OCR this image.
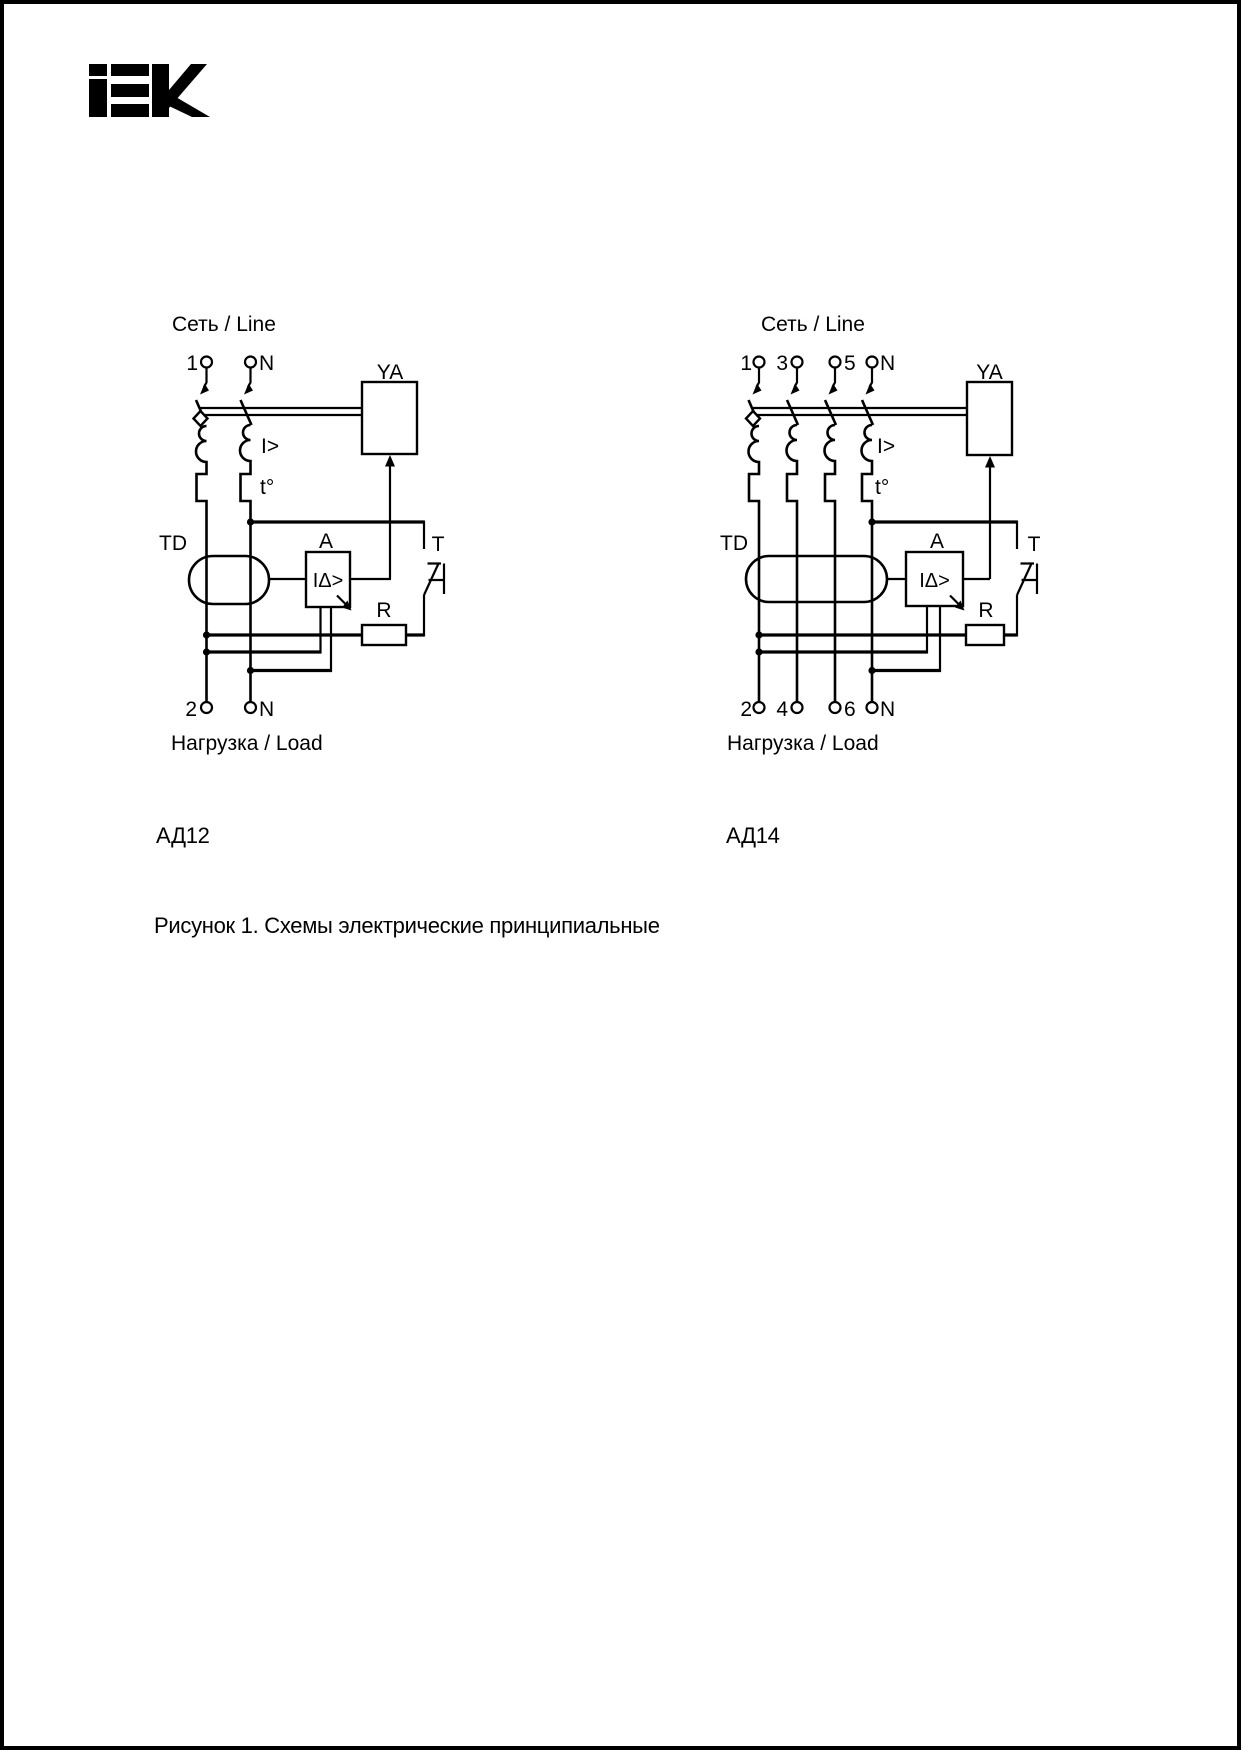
Сеть / Line
1	N
I>
t°
YA
TD	A
IΔ>
T
R
2	N
Нагрузка / Load
Сеть / Line
1 3	5 N
I>
t°
YA
TD	A
IΔ>
T
R
2 4	6 N
Нагрузка / Load
АД12	АД14
Рисунок 1. Схемы электрические принципиальные
